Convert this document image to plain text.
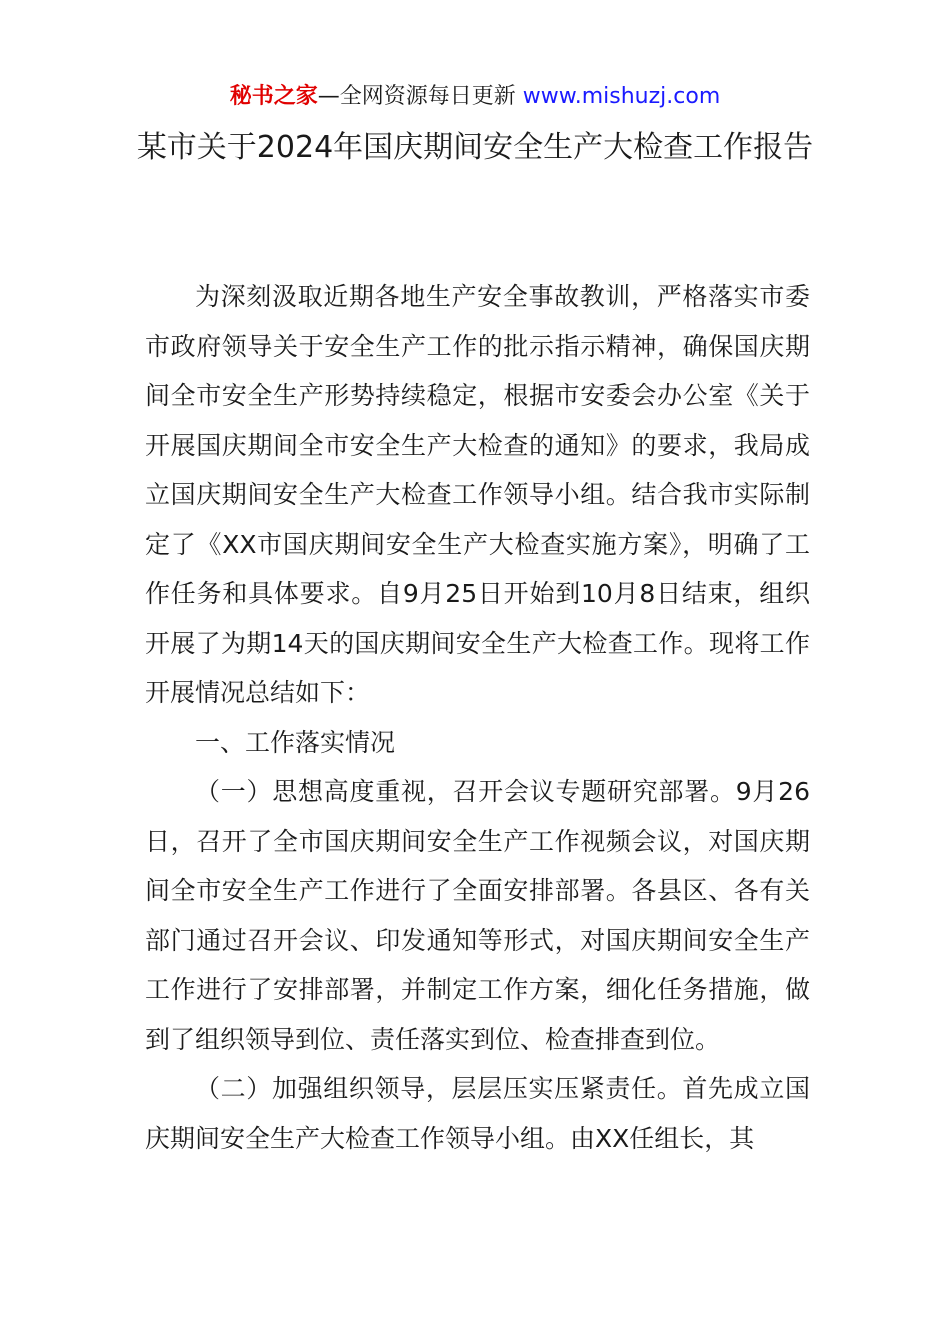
秘书之家—全网资源每日更新 www.mishuzj.com
某市关于2024年国庆期间安全生产大检查工作报告

为深刻汲取近期各地生产安全事故教训，严格落实市委市政府领导关于安全生产工作的批示指示精神，确保国庆期间全市安全生产形势持续稳定，根据市安委会办公室《关于开展国庆期间全市安全生产大检查的通知》的要求，我局成立国庆期间安全生产大检查工作领导小组。结合我市实际制定了《XX市国庆期间安全生产大检查实施方案》，明确了工作任务和具体要求。自9月25日开始到10月8日结束，组织开展了为期14天的国庆期间安全生产大检查工作。现将工作开展情况总结如下：

一、工作落实情况

（一）思想高度重视，召开会议专题研究部署。9月26日，召开了全市国庆期间安全生产工作视频会议，对国庆期间全市安全生产工作进行了全面安排部署。各县区、各有关部门通过召开会议、印发通知等形式，对国庆期间安全生产工作进行了安排部署，并制定工作方案，细化任务措施，做到了组织领导到位、责任落实到位、检查排查到位。

（二）加强组织领导，层层压实压紧责任。首先成立国庆期间安全生产大检查工作领导小组。由XX任组长，其
